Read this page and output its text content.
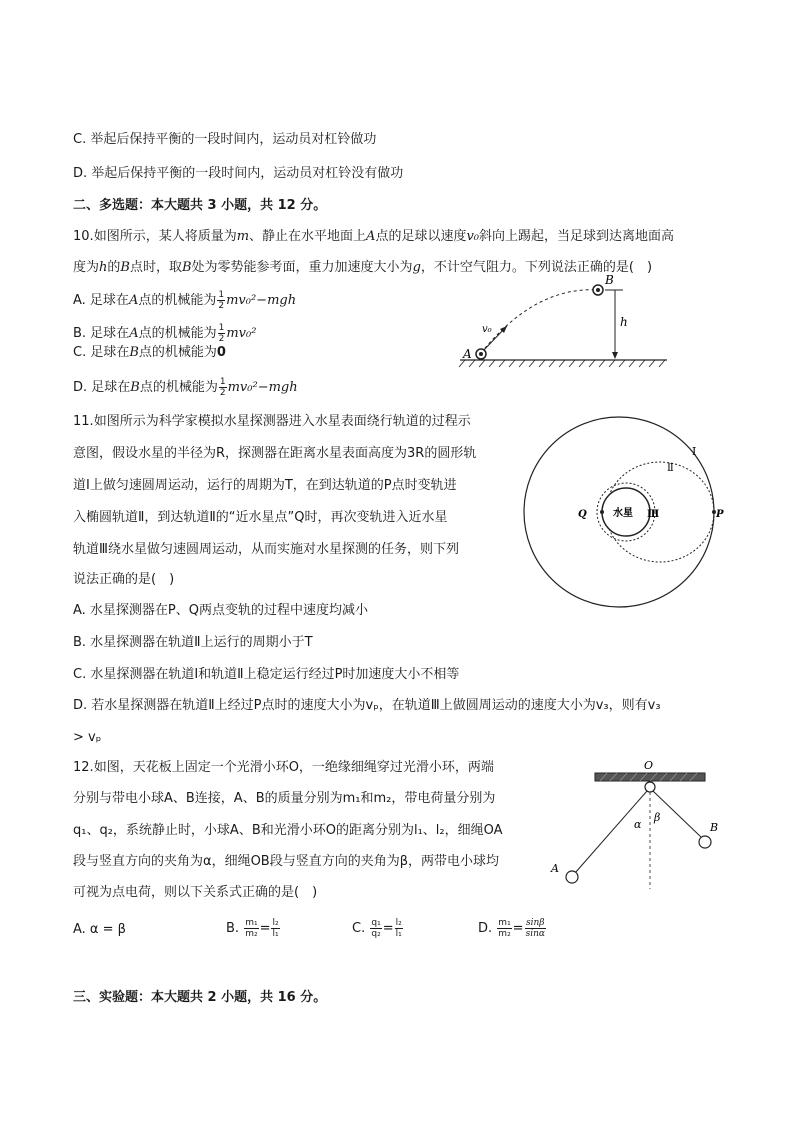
C. 举起后保持平衡的一段时间内，运动员对杠铃做功
D. 举起后保持平衡的一段时间内，运动员对杠铃没有做功
二、多选题：本大题共 3 小题，共 12 分。
10.如图所示，某人将质量为m、静止在水平地面上A点的足球以速度v₀斜向上踢起，当足球到达离地面高
度为h的B点时，取B处为零势能参考面，重力加速度大小为g，不计空气阻力。下列说法正确的是(　)
A. 足球在A点的机械能为 $\frac{1}{2} mv_0^2-mgh$
B. 足球在A点的机械能为 $\frac{1}{2} mv_0^2$
C. 足球在B点的机械能为0
D. 足球在B点的机械能为 $\frac{1}{2} mv_0^2-mgh$
A
B
h
v₀
11.如图所示为科学家模拟水星探测器进入水星表面绕行轨道的过程示
意图，假设水星的半径为R，探测器在距离水星表面高度为3R的圆形轨
道Ⅰ上做匀速圆周运动，运行的周期为T，在到达轨道的P点时变轨进
入椭圆轨道Ⅱ，到达轨道Ⅱ的“近水星点”Q时，再次变轨进入近水星
轨道Ⅲ绕水星做匀速圆周运动，从而实施对水星探测的任务，则下列
说法正确的是(　)
A. 水星探测器在P、Q两点变轨的过程中速度均减小
B. 水星探测器在轨道Ⅱ上运行的周期小于T
C. 水星探测器在轨道Ⅰ和轨道Ⅱ上稳定运行经过P时加速度大小不相等
D. 若水星探测器在轨道Ⅱ上经过P点时的速度大小为vₚ，在轨道Ⅲ上做圆周运动的速度大小为v₃，则有v₃
> vₚ
水星
Q	P
Ⅰ
Ⅱ
Ⅲ
12.如图，天花板上固定一个光滑小环O，一绝缘细绳穿过光滑小环，两端
分别与带电小球A、B连接，A、B的质量分别为m₁和m₂，带电荷量分别为
q₁、q₂，系统静止时，小球A、B和光滑小环O的距离分别为l₁、l₂，细绳OA
段与竖直方向的夹角为α，细绳OB段与竖直方向的夹角为β，两带电小球均
可视为点电荷，则以下关系式正确的是(　)
A. α = β	B. $\frac{\text{m₁}}{\text{m₂}} = \frac{\text{l₂}}{\text{l₁}}$	C. $\frac{\text{q₁}}{\text{q₂}} = \frac{\text{l₂}}{\text{l₁}}$	D. $\frac{\text{m₁}}{\text{m₂}} = \frac{\sin\beta}{\sin\alpha}$
O
A
B
α
β
三、实验题：本大题共 2 小题，共 16 分。
